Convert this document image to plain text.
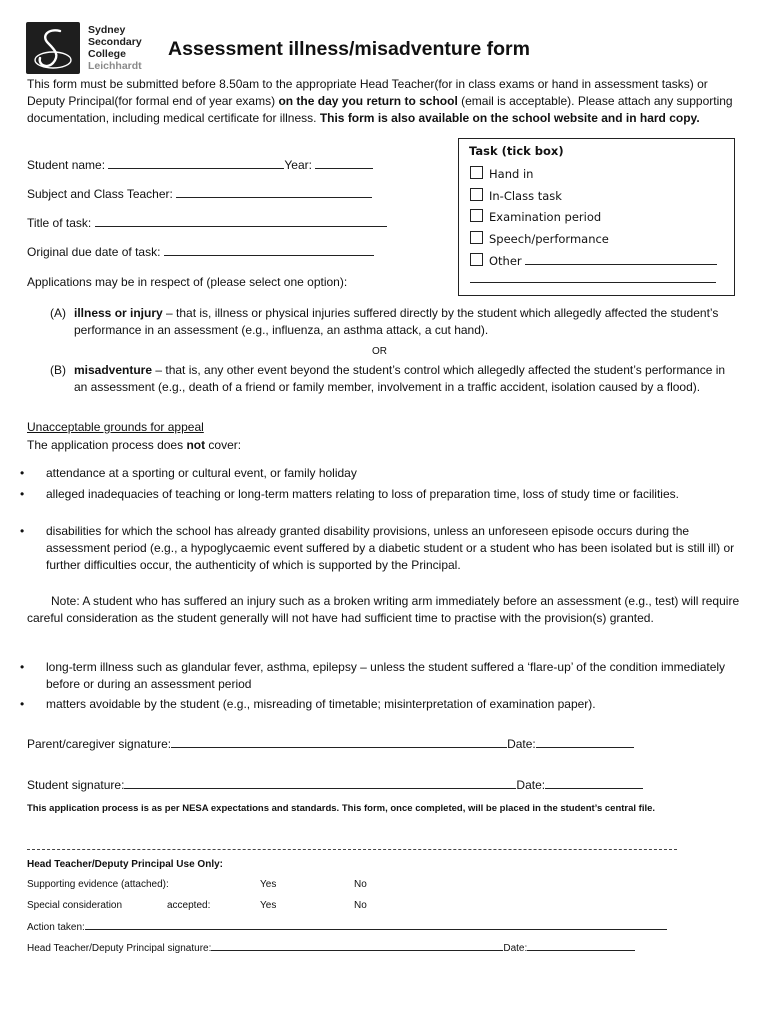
Sydney
Secondary
College
Leichhardt
Assessment illness/misadventure form
This form must be submitted before 8.50am to the appropriate Head Teacher(for in class exams or hand in assessment tasks) or Deputy Principal(for formal end of year exams) on the day you return to school (email is acceptable). Please attach any supporting documentation, including medical certificate for illness. This form is also available on the school website and in hard copy.
Student name:	Year:
Subject and Class Teacher:
Title of task:
Original due date of task:
Applications may be in respect of (please select one option):
Task (tick box)
Hand in
In-Class task
Examination period
Speech/performance
Other
(A) illness or injury – that is, illness or physical injuries suffered directly by the student which allegedly affected the student’s performance in an assessment (e.g., influenza, an asthma attack, a cut hand).
OR
(B) misadventure – that is, any other event beyond the student’s control which allegedly affected the student’s performance in an assessment (e.g., death of a friend or family member, involvement in a traffic accident, isolation caused by a flood).
Unacceptable grounds for appeal
The application process does not cover:
• attendance at a sporting or cultural event, or family holiday
• alleged inadequacies of teaching or long-term matters relating to loss of preparation time, loss of study time or facilities.
• disabilities for which the school has already granted disability provisions, unless an unforeseen episode occurs during the assessment period (e.g., a hypoglycaemic event suffered by a diabetic student or a student who has been isolated but is still ill) or further difficulties occur, the authenticity of which is supported by the Principal.
Note: A student who has suffered an injury such as a broken writing arm immediately before an assessment (e.g., test) will require careful consideration as the student generally will not have had sufficient time to practise with the provision(s) granted.
• long-term illness such as glandular fever, asthma, epilepsy – unless the student suffered a ‘flare-up’ of the condition immediately before or during an assessment period
• matters avoidable by the student (e.g., misreading of timetable; misinterpretation of examination paper).
Parent/caregiver signature:	Date:
Student signature:	Date:
This application process is as per NESA expectations and standards. This form, once completed, will be placed in the student’s central file.
Head Teacher/Deputy Principal Use Only:
Supporting evidence (attached):	Yes	No
Special consideration	accepted:	Yes	No
Action taken:
Head Teacher/Deputy Principal signature:	Date:
